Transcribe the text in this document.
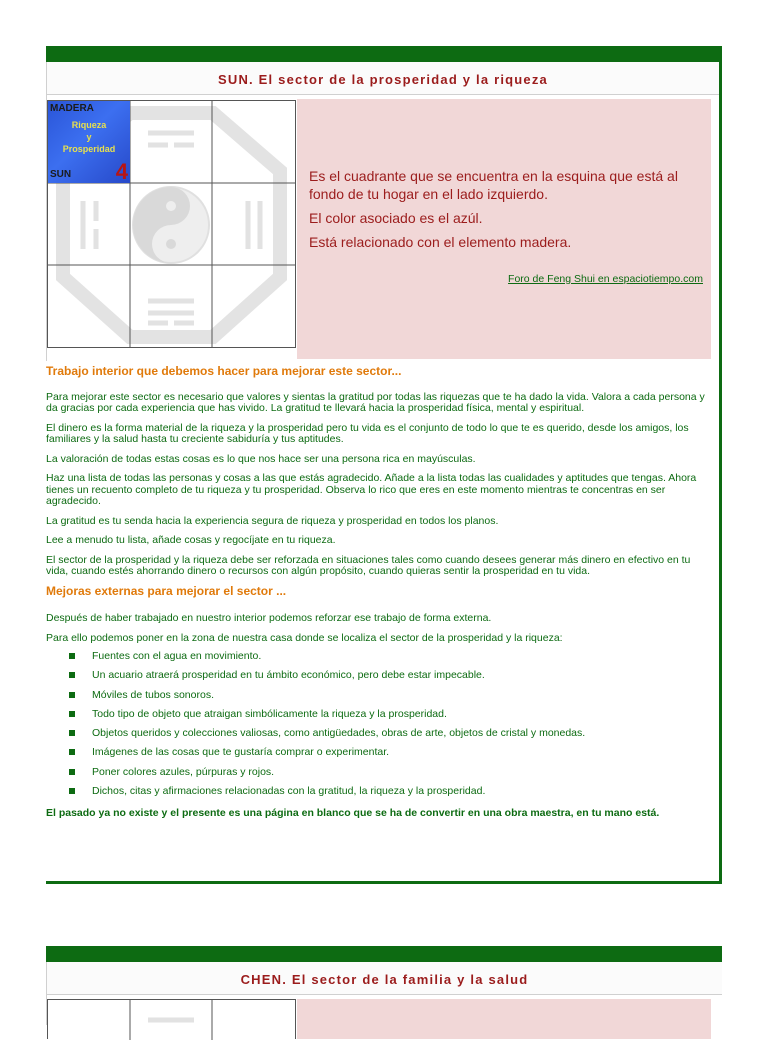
SUN. El sector de la prosperidad y la riqueza
MADERA
Riqueza
y
Prosperidad
SUN 4	Es el cuadrante que se encuentra en la esquina que está al fondo de tu hogar en el lado izquierdo.

El color asociado es el azúl.

Está relacionado con el elemento madera.

Foro de Feng Shui en espaciotiempo.com
Trabajo interior que debemos hacer para mejorar este sector...

Para mejorar este sector es necesario que valores y sientas la gratitud por todas las riquezas que te ha dado la vida. Valora a cada persona y da gracias por cada experiencia que has vivido. La gratitud te llevará hacia la prosperidad física, mental y espiritual.

El dinero es la forma material de la riqueza y la prosperidad pero tu vida es el conjunto de todo lo que te es querido, desde los amigos, los familiares y la salud hasta tu creciente sabiduría y tus aptitudes.

La valoración de todas estas cosas es lo que nos hace ser una persona rica en mayúsculas.

Haz una lista de todas las personas y cosas a las que estás agradecido. Añade a la lista todas las cualidades y aptitudes que tengas. Ahora tienes un recuento completo de tu riqueza y tu prosperidad. Observa lo rico que eres en este momento mientras te concentras en ser agradecido.

La gratitud es tu senda hacia la experiencia segura de riqueza y prosperidad en todos los planos.

Lee a menudo tu lista, añade cosas y regocíjate en tu riqueza.

El sector de la prosperidad y la riqueza debe ser reforzada en situaciones tales como cuando desees generar más dinero en efectivo en tu vida, cuando estés ahorrando dinero o recursos con algún propósito, cuando quieras sentir la prosperidad en tu vida.

Mejoras externas para mejorar el sector ...

Después de haber trabajado en nuestro interior podemos reforzar ese trabajo de forma externa.

Para ello podemos poner en la zona de nuestra casa donde se localiza el sector de la prosperidad y la riqueza:

Fuentes con el agua en movimiento.
Un acuario atraerá prosperidad en tu ámbito económico, pero debe estar impecable.
Móviles de tubos sonoros.
Todo tipo de objeto que atraigan simbólicamente la riqueza y la prosperidad.
Objetos queridos y colecciones valiosas, como antigüedades, obras de arte, objetos de cristal y monedas.
Imágenes de las cosas que te gustaría comprar o experimentar.
Poner colores azules, púrpuras y rojos.
Dichos, citas y afirmaciones relacionadas con la gratitud, la riqueza y la prosperidad.

El pasado ya no existe y el presente es una página en blanco que se ha de convertir en una obra maestra, en tu mano está.

CHEN. El sector de la familia y la salud
